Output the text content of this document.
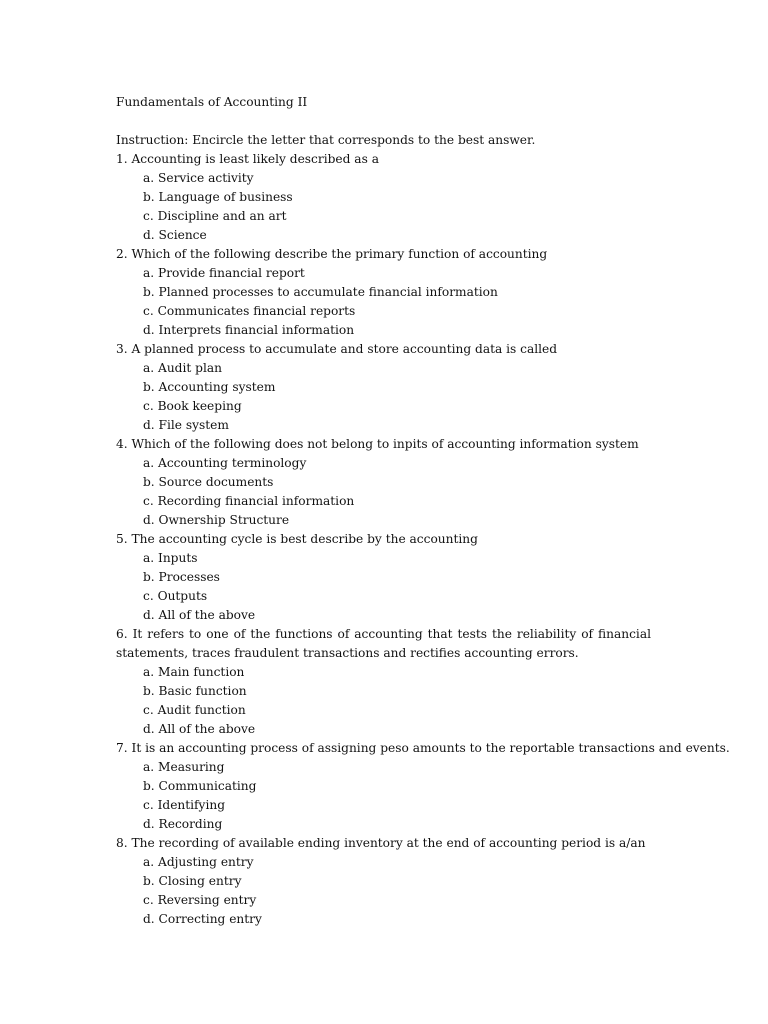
Fundamentals of Accounting II
Instruction: Encircle the letter that corresponds to the best answer.
1. Accounting is least likely described as a
a. Service activity
b. Language of business
c. Discipline and an art
d. Science
2. Which of the following describe the primary function of accounting
a. Provide financial report
b. Planned processes to accumulate financial information
c. Communicates financial reports
d. Interprets financial information
3. A planned process to accumulate and store accounting data is called
a. Audit plan
b. Accounting system
c. Book keeping
d. File system
4. Which of the following does not belong to inpits of accounting information system
a. Accounting terminology
b. Source documents
c. Recording financial information
d. Ownership Structure
5. The accounting cycle is best describe by the accounting
a. Inputs
b. Processes
c. Outputs
d. All of the above
6. It refers to one of the functions of accounting that tests the reliability of financial statements, traces fraudulent transactions and rectifies accounting errors.
a. Main function
b. Basic function
c. Audit function
d. All of the above
7. It is an accounting process of assigning peso amounts to the reportable transactions and events.
a. Measuring
b. Communicating
c. Identifying
d. Recording
8. The recording of available ending inventory at the end of accounting period is a/an
a. Adjusting entry
b. Closing entry
c. Reversing entry
d. Correcting entry
